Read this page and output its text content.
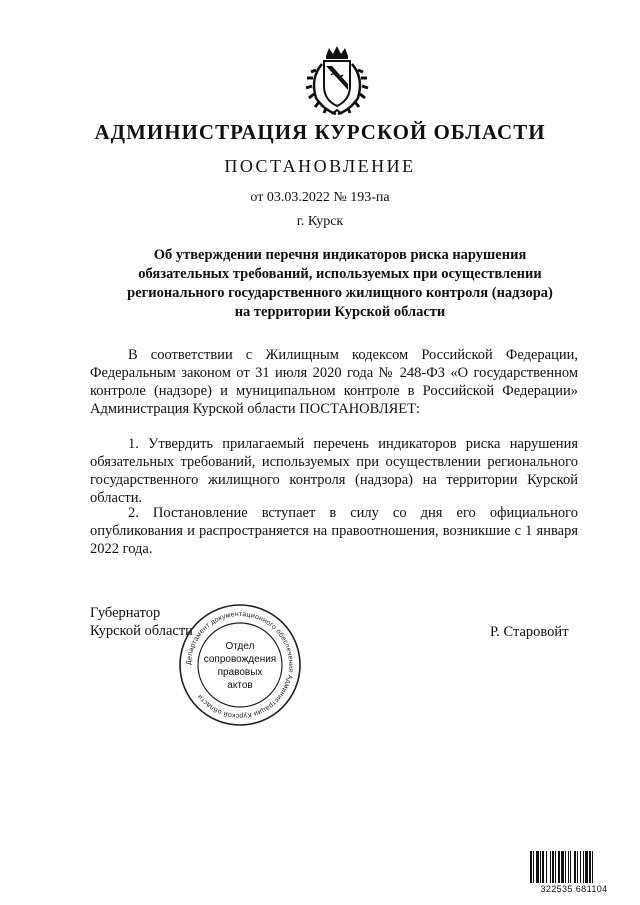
АДМИНИСТРАЦИЯ КУРСКОЙ ОБЛАСТИ
ПОСТАНОВЛЕНИЕ
от 03.03.2022 № 193-па
г. Курск
Об утверждении перечня индикаторов риска нарушения
обязательных требований, используемых при осуществлении
регионального государственного жилищного контроля (надзора)
на территории Курской области

В соответствии с Жилищным кодексом Российской Федерации, Федеральным законом от 31 июля 2020 года № 248-ФЗ «О государственном контроле (надзоре) и муниципальном контроле в Российской Федерации» Администрация Курской области ПОСТАНОВЛЯЕТ:

1. Утвердить прилагаемый перечень индикаторов риска нарушения обязательных требований, используемых при осуществлении регионального государственного жилищного контроля (надзора) на территории Курской области.

2. Постановление вступает в силу со дня его официального опубликования и распространяется на правоотношения, возникшие с 1 января 2022 года.

Губернатор
Курской области	Р. Старовойт
Департамент документационного обеспечения Администрации Курской области
Отдел
сопровождения
правовых
актов
322535 681104
